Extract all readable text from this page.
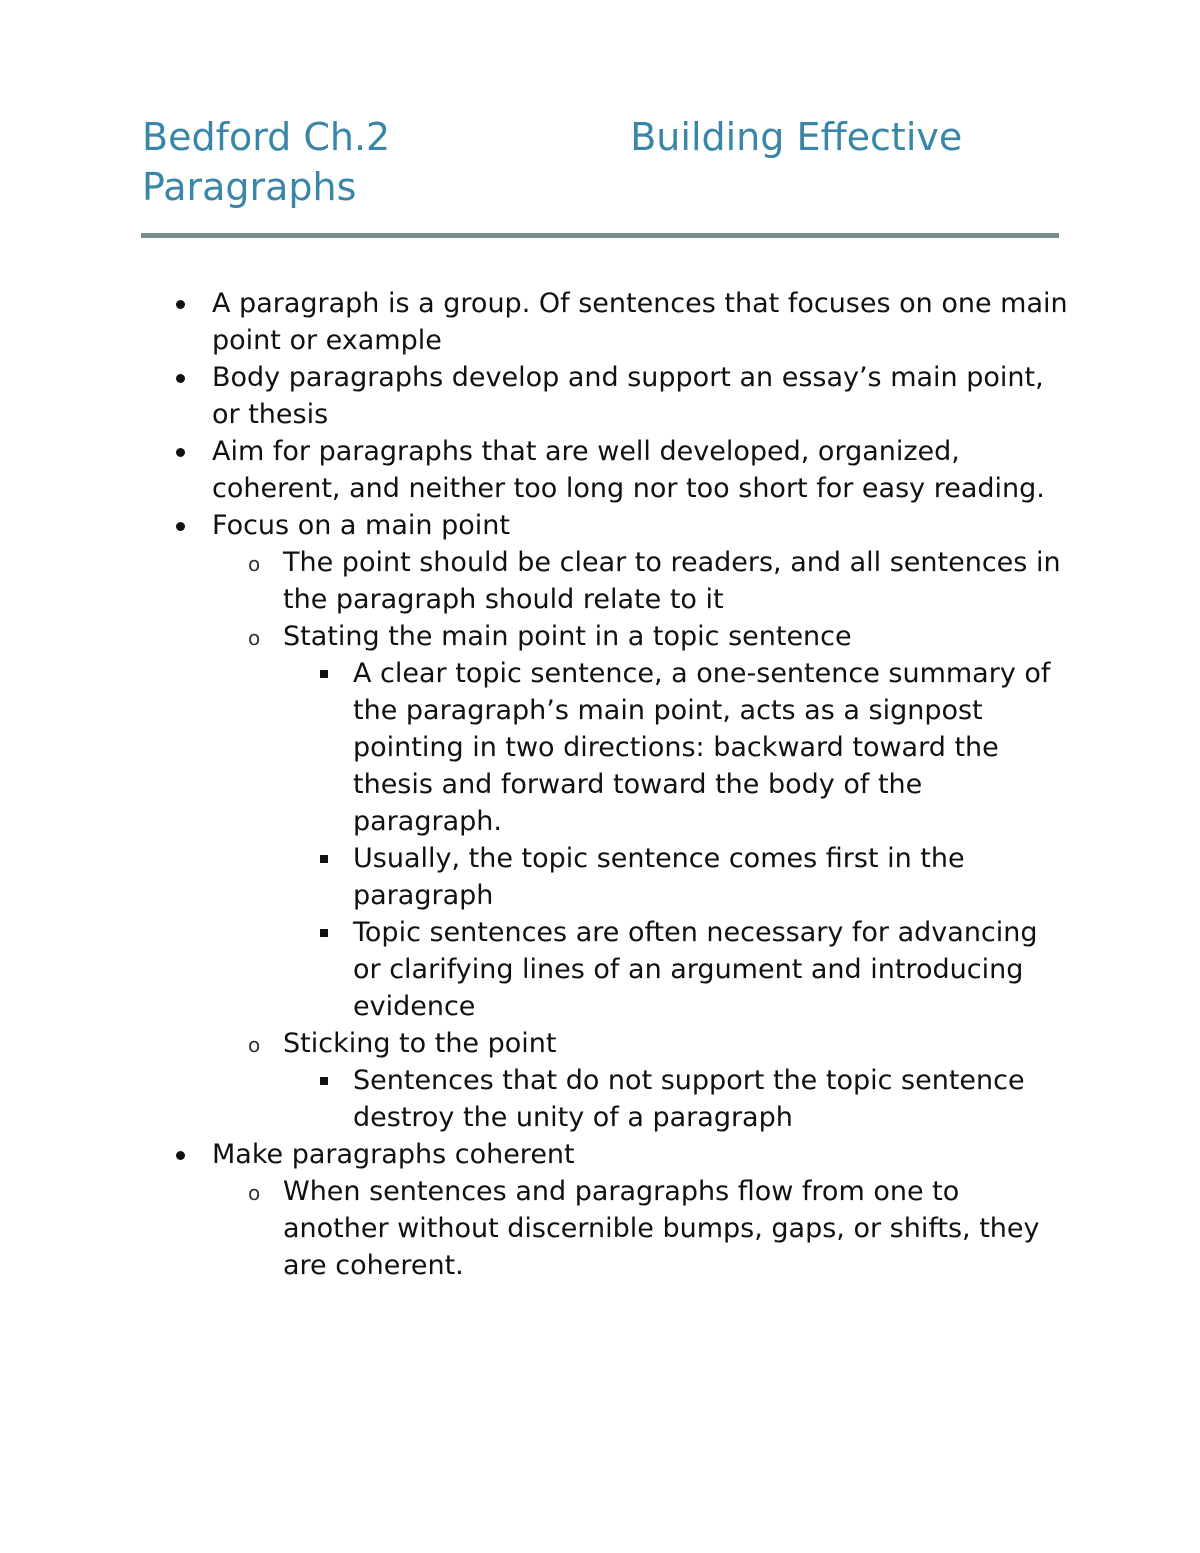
Bedford Ch.2	Building Effective Paragraphs
A paragraph is a group. Of sentences that focuses on one main point or example
Body paragraphs develop and support an essay’s main point, or thesis
Aim for paragraphs that are well developed, organized, coherent, and neither too long nor too short for easy reading.
Focus on a main point
o The point should be clear to readers, and all sentences in the paragraph should relate to it
o Stating the main point in a topic sentence
A clear topic sentence, a one-sentence summary of the paragraph’s main point, acts as a signpost pointing in two directions: backward toward the thesis and forward toward the body of the paragraph.
Usually, the topic sentence comes first in the paragraph
Topic sentences are often necessary for advancing or clarifying lines of an argument and introducing evidence
o Sticking to the point
Sentences that do not support the topic sentence destroy the unity of a paragraph
Make paragraphs coherent
o When sentences and paragraphs flow from one to another without discernible bumps, gaps, or shifts, they are coherent.
